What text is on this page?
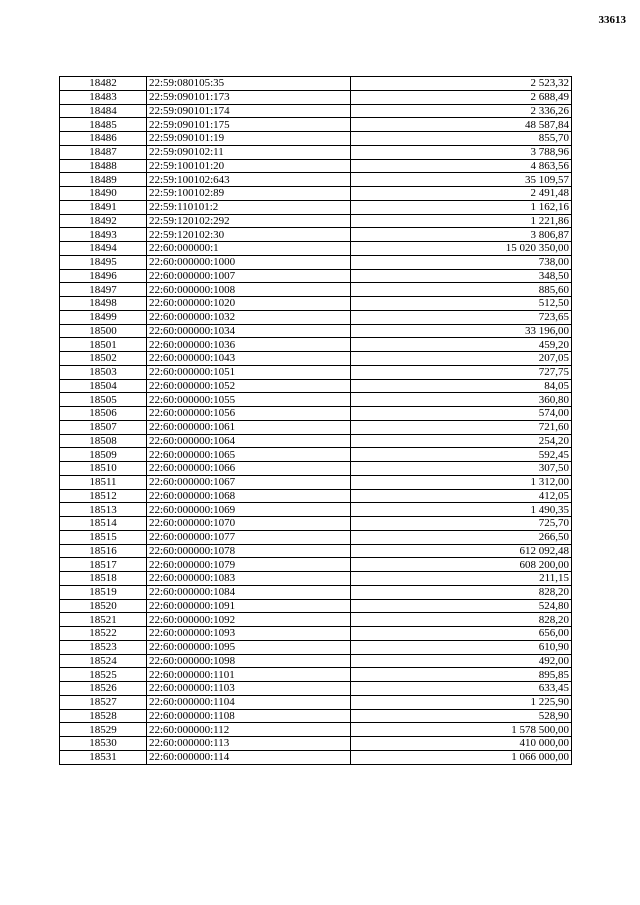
33613
18482	22:59:080105:35	2 523,32
18483	22:59:090101:173	2 688,49
18484	22:59:090101:174	2 336,26
18485	22:59:090101:175	48 587,84
18486	22:59:090101:19	855,70
18487	22:59:090102:11	3 788,96
18488	22:59:100101:20	4 863,56
18489	22:59:100102:643	35 109,57
18490	22:59:100102:89	2 491,48
18491	22:59:110101:2	1 162,16
18492	22:59:120102:292	1 221,86
18493	22:59:120102:30	3 806,87
18494	22:60:000000:1	15 020 350,00
18495	22:60:000000:1000	738,00
18496	22:60:000000:1007	348,50
18497	22:60:000000:1008	885,60
18498	22:60:000000:1020	512,50
18499	22:60:000000:1032	723,65
18500	22:60:000000:1034	33 196,00
18501	22:60:000000:1036	459,20
18502	22:60:000000:1043	207,05
18503	22:60:000000:1051	727,75
18504	22:60:000000:1052	84,05
18505	22:60:000000:1055	360,80
18506	22:60:000000:1056	574,00
18507	22:60:000000:1061	721,60
18508	22:60:000000:1064	254,20
18509	22:60:000000:1065	592,45
18510	22:60:000000:1066	307,50
18511	22:60:000000:1067	1 312,00
18512	22:60:000000:1068	412,05
18513	22:60:000000:1069	1 490,35
18514	22:60:000000:1070	725,70
18515	22:60:000000:1077	266,50
18516	22:60:000000:1078	612 092,48
18517	22:60:000000:1079	608 200,00
18518	22:60:000000:1083	211,15
18519	22:60:000000:1084	828,20
18520	22:60:000000:1091	524,80
18521	22:60:000000:1092	828,20
18522	22:60:000000:1093	656,00
18523	22:60:000000:1095	610,90
18524	22:60:000000:1098	492,00
18525	22:60:000000:1101	895,85
18526	22:60:000000:1103	633,45
18527	22:60:000000:1104	1 225,90
18528	22:60:000000:1108	528,90
18529	22:60:000000:112	1 578 500,00
18530	22:60:000000:113	410 000,00
18531	22:60:000000:114	1 066 000,00
